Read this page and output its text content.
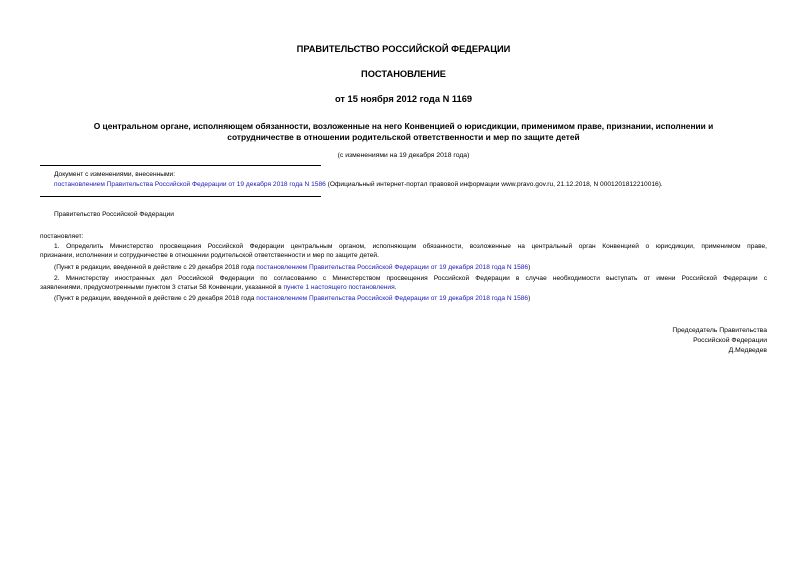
ПРАВИТЕЛЬСТВО РОССИЙСКОЙ ФЕДЕРАЦИИ
ПОСТАНОВЛЕНИЕ
от 15 ноября 2012 года N 1169
О центральном органе, исполняющем обязанности, возложенные на него Конвенцией о юрисдикции, применимом праве, признании, исполнении и
сотрудничестве в отношении родительской ответственности и мер по защите детей
(с изменениями на 19 декабря 2018 года)
Документ с изменениями, внесенными:
постановлением Правительства Российской Федерации от 19 декабря 2018 года N 1586 (Официальный интернет-портал правовой информации www.pravo.gov.ru, 21.12.2018, N 0001201812210016).
Правительство Российской Федерации
постановляет:
1. Определить Министерство просвещения Российской Федерации центральным органом, исполняющим обязанности, возложенные на центральный орган Конвенцией о юрисдикции, применимом праве,
признании, исполнении и сотрудничестве в отношении родительской ответственности и мер по защите детей.
(Пункт в редакции, введенной в действие с 29 декабря 2018 года постановлением Правительства Российской Федерации от 19 декабря 2018 года N 1586)
2. Министерству иностранных дел Российской Федерации по согласованию с Министерством просвещения Российской Федерации в случае необходимости выступать от имени Российской Федерации с
заявлениями, предусмотренными пунктом 3 статьи 58 Конвенции, указанной в пункте 1 настоящего постановления.
(Пункт в редакции, введенной в действие с 29 декабря 2018 года постановлением Правительства Российской Федерации от 19 декабря 2018 года N 1586)
Председатель Правительства
Российской Федерации
Д.Медведев
